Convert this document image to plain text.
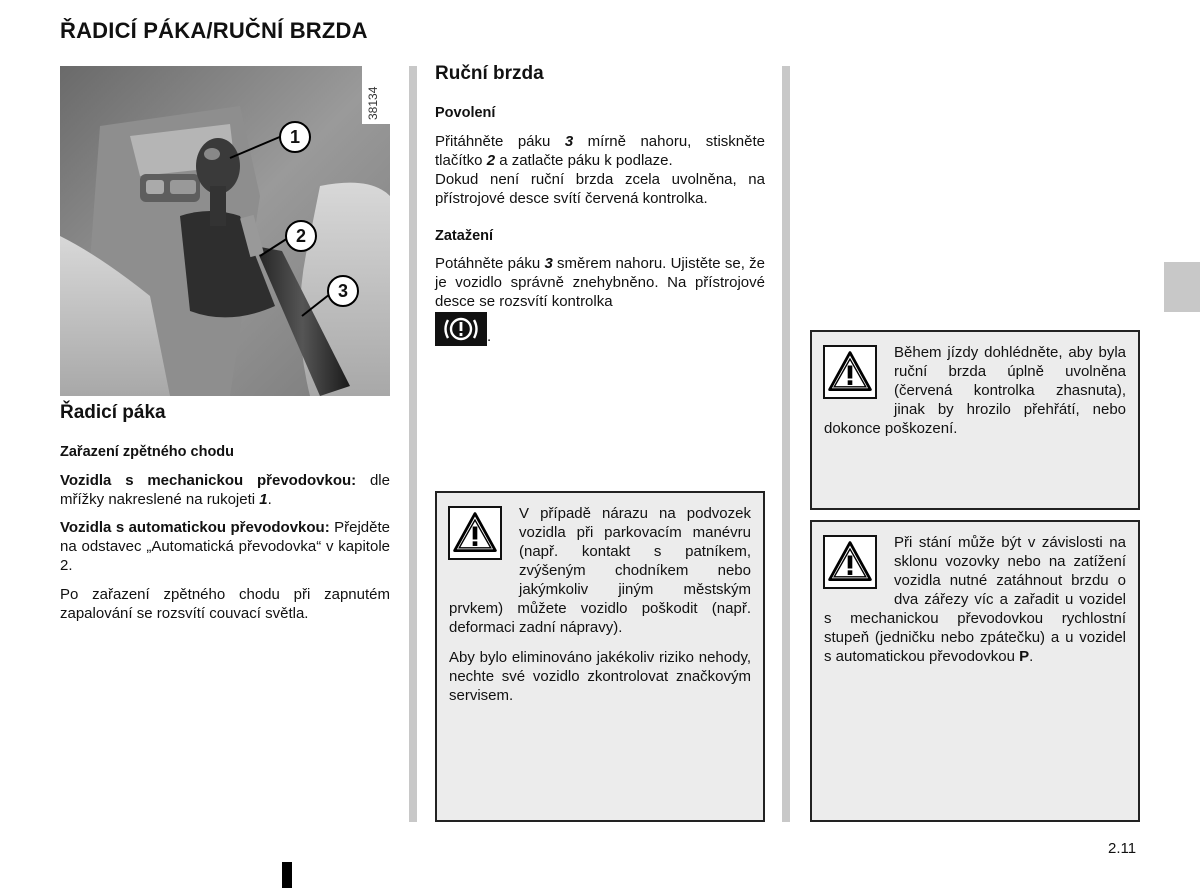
ŘADICÍ PÁKA/RUČNÍ BRZDA
38134
1
2
3
Řadicí páka

Zařazení zpětného chodu

Vozidla s mechanickou převodovkou: dle mřížky nakreslené na rukojeti 1.

Vozidla s automatickou převodovkou: Přejděte na odstavec „Automatická převodovka“ v kapitole 2.

Po zařazení zpětného chodu při zapnutém zapalování se rozsvítí couvací světla.

Ruční brzda

Povolení

Přitáhněte páku 3 mírně nahoru, stiskněte tlačítko 2 a zatlačte páku k podlaze.

Dokud není ruční brzda zcela uvolněna, na přístrojové desce svítí červená kontrolka.

Zatažení

Potáhněte páku 3 směrem nahoru. Ujistěte se, že je vozidlo správně znehybněno. Na přístrojové desce se rozsvítí kontrolka

.
V případě nárazu na podvozek vozidla při parkovacím manévru (např. kontakt s patníkem, zvýšeným chodníkem nebo jakýmkoliv jiným městským prvkem) můžete vozidlo poškodit (např. deformaci zadní nápravy).
Aby bylo eliminováno jakékoliv riziko nehody, nechte své vozidlo zkontrolovat značkovým servisem.
Během jízdy dohlédněte, aby byla ruční brzda úplně uvolněna (červená kontrolka zhasnuta), jinak by hrozilo přehřátí, nebo dokonce poškození.
Při stání může být v závislosti na sklonu vozovky nebo na zatížení vozidla nutné zatáhnout brzdu o dva zářezy víc a zařadit u vozidel s mechanickou převodovkou rychlostní stupeň (jedničku nebo zpátečku) a u vozidel s automatickou převodovkou P.
2.11
